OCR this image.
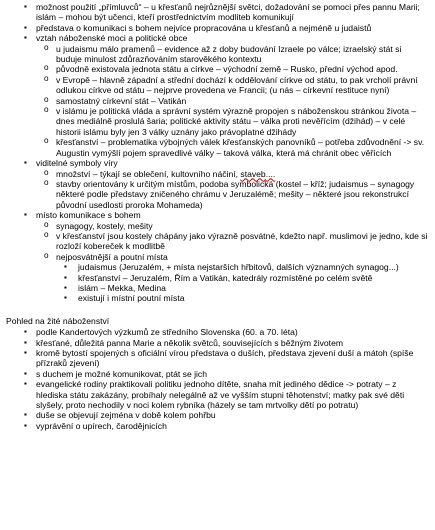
▪ možnost použití „přímluvců“ – u křesťanů nejrůznější světci, dožadování se pomoci přes pannu Marii; islám – mohou být učenci, kteří prostřednictvím modliteb komunikují
▪ představa o komunikaci s bohem nejvíce propracována u křesťanů a nejméně u judaistů
▪ vztah náboženské moci a politické obce
o u judaismu málo pramenů – evidence až z doby budování Izraele po válce; izraelský stát si buduje minulost zdůrazňováním starověkého kontextu
o původně existovala jednota státu a církve – východní země – Rusko, přední východ apod.
o v Evropě – hlavně západní a střední dochází k oddělování církve od státu, to pak vrcholí právní odlukou církve od státu – nejprve provedena ve Francii; (u nás – církevní restituce nyní)
o samostatný církevní stát – Vatikán
o v islámu je politická vláda a správní systém výrazně propojen s náboženskou stránkou života – dnes mediálně proslulá šaria; politické aktivity státu – válka proti nevěřícím (džihád) – v celé historii islámu byly jen 3 války uznány jako právoplatné džihády
o křesťanství – problematika výbojných válek křesťanských panovníků – potřeba zdůvodnění -> sv. Augustin vymýšlí pojem spravedlivé války – taková válka, která má chránit obec věřících
▪ viditelné symboly víry
o množství – týkají se oblečení, kultovního náčiní, staveb....
o stavby orientovány k určitým místům, podoba symbolická (kostel – kříž; judaismus – synagogy některé podle představy zničeného chrámu v Jeruzalémě; mešity – některé jsou rekonstrukcí původní usedlosti proroka Mohameda)
▪ místo komunikace s bohem
o synagogy, kostely, mešity
o v křesťanství jsou kostely chápány jako výrazně posvátné, kdežto např. muslimovi je jedno, kde si rozloží kobereček k modlitbě
o nejposvátnější a poutní místa
▪ judaismus (Jeruzalém, + místa nejstarších hřbitovů, dalších významných synagog...)
▪ křesťanství – Jeruzalém, Řím a Vatikán, katedrály rozmístěné po celém světě
▪ islám – Mekka, Medina
▪ existují i místní poutní místa
Pohled na žité náboženství
▪ podle Kandertových výzkumů ze středního Slovenska (60. a 70. léta)
▪ křesťané, důležitá panna Marie a několik světců, souvisejících s běžným životem
▪ kromě bytostí spojených s oficiální vírou představa o duších, představa zjevení duší a mátoh (spíše přízraků zjevení)
▪ s duchem je možné komunikovat, ptát se jich
▪ evangelické rodiny praktikovali politiku jednoho dítěte, snaha mít jediného dědice -> potraty – z hlediska státu zakázány, probíhaly nelegálně až ve vyšším stupni těhotenství; matky pak své děti slyšely, proto nechodily v noci kolem rybníka (házely se tam mrtvolky dětí po potratu)
▪ duše se objevují zejména v době kolem pohřbu
▪ vyprávění o upírech, čarodějnicích
